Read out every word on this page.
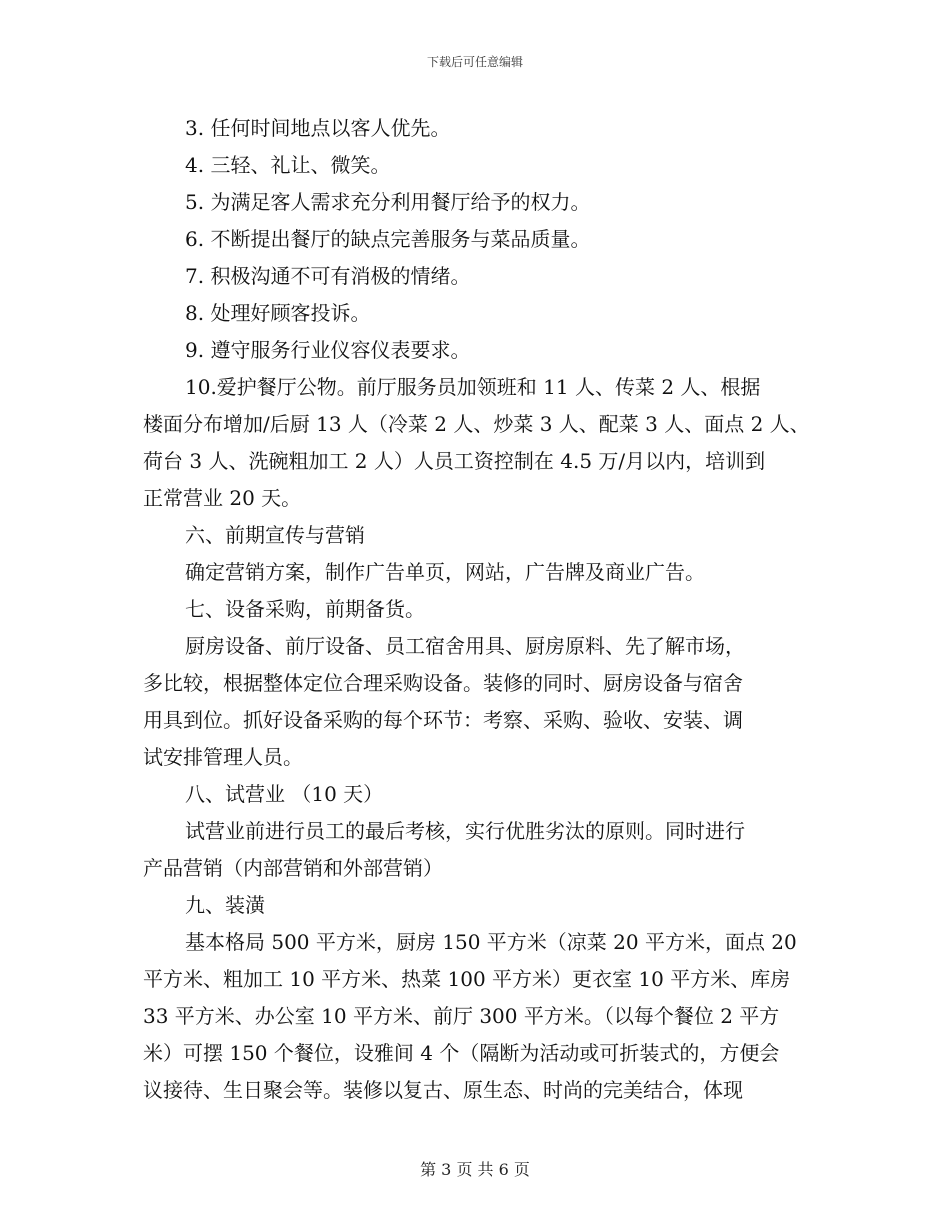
下载后可任意编辑
3. 任何时间地点以客人优先。
4. 三轻、礼让、微笑。
5. 为满足客人需求充分利用餐厅给予的权力。
6. 不断提出餐厅的缺点完善服务与菜品质量。
7. 积极沟通不可有消极的情绪。
8. 处理好顾客投诉。
9. 遵守服务行业仪容仪表要求。
10.爱护餐厅公物。前厅服务员加领班和 11 人、传菜 2 人、根据
楼面分布增加/后厨 13 人（冷菜 2 人、炒菜 3 人、配菜 3 人、面点 2 人、
荷台 3 人、洗碗粗加工 2 人）人员工资控制在 4.5 万/月以内，培训到
正常营业 20 天。
六、前期宣传与营销
确定营销方案，制作广告单页，网站，广告牌及商业广告。
七、设备采购，前期备货。
厨房设备、前厅设备、员工宿舍用具、厨房原料、先了解市场，
多比较，根据整体定位合理采购设备。装修的同时、厨房设备与宿舍
用具到位。抓好设备采购的每个环节：考察、采购、验收、安装、调
试安排管理人员。
八、试营业 （10 天）
试营业前进行员工的最后考核，实行优胜劣汰的原则。同时进行
产品营销（内部营销和外部营销）
九、装潢
基本格局 500 平方米，厨房 150 平方米（凉菜 20 平方米，面点 20
平方米、粗加工 10 平方米、热菜 100 平方米）更衣室 10 平方米、库房
33 平方米、办公室 10 平方米、前厅 300 平方米。（以每个餐位 2 平方
米）可摆 150 个餐位，设雅间 4 个（隔断为活动或可折装式的，方便会
议接待、生日聚会等。装修以复古、原生态、时尚的完美结合，体现
第 3 页 共 6 页
